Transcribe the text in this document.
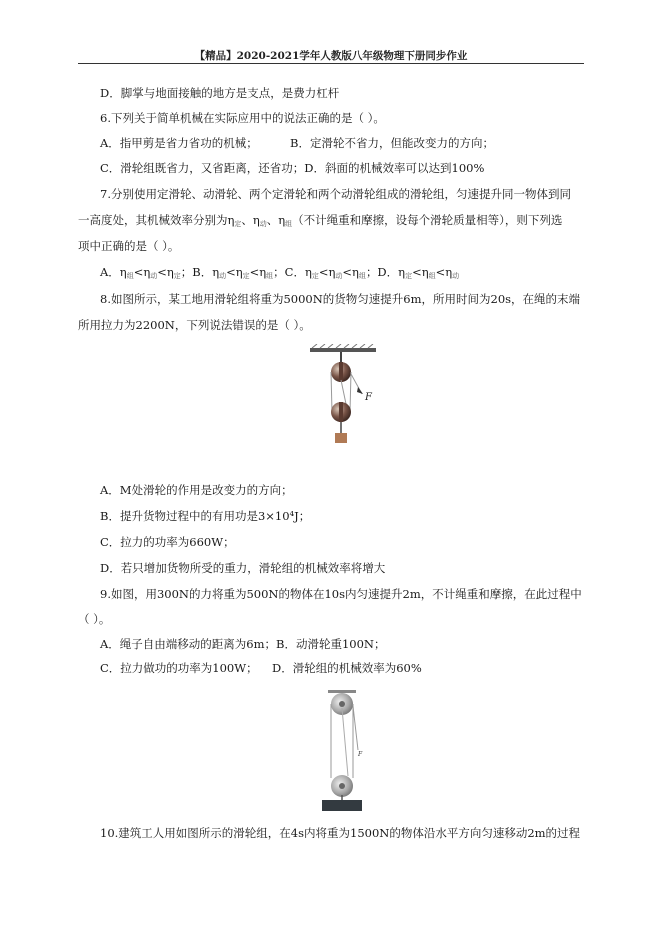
【精品】2020-2021学年人教版八年级物理下册同步作业
D．脚掌与地面接触的地方是支点，是费力杠杆
6.下列关于简单机械在实际应用中的说法正确的是（ ）。
A．指甲剪是省力省功的机械；	B．定滑轮不省力，但能改变力的方向；
C．滑轮组既省力，又省距离，还省功；D．斜面的机械效率可以达到100%
7.分别使用定滑轮、动滑轮、两个定滑轮和两个动滑轮组成的滑轮组，匀速提升同一物体到同
一高度处，其机械效率分别为$\eta_定$、$\eta_动$、$\eta_组$（不计绳重和摩擦，设每个滑轮质量相等），则下列选
项中正确的是（ ）。
A．$\eta_组<\eta_动<\eta_定$；B．$\eta_动<\eta_定<\eta_组$；C．$\eta_定<\eta_动<\eta_组$；D．$\eta_定<\eta_组<\eta_动$
8.如图所示，某工地用滑轮组将重为5000N的货物匀速提升6m，所用时间为20s，在绳的末端
所用拉力为2200N，下列说法错误的是（ ）。
F
A．M处滑轮的作用是改变力的方向；
B．提升货物过程中的有用功是3×10⁴J；
C．拉力的功率为660W；
D．若只增加货物所受的重力，滑轮组的机械效率将增大
9.如图，用300N的力将重为500N的物体在10s内匀速提升2m，不计绳重和摩擦，在此过程中
（ ）。
A．绳子自由端移动的距离为6m；B．动滑轮重100N；
C．拉力做功的功率为100W； D．滑轮组的机械效率为60%
F
10.建筑工人用如图所示的滑轮组，在4s内将重为1500N的物体沿水平方向匀速移动2m的过程
